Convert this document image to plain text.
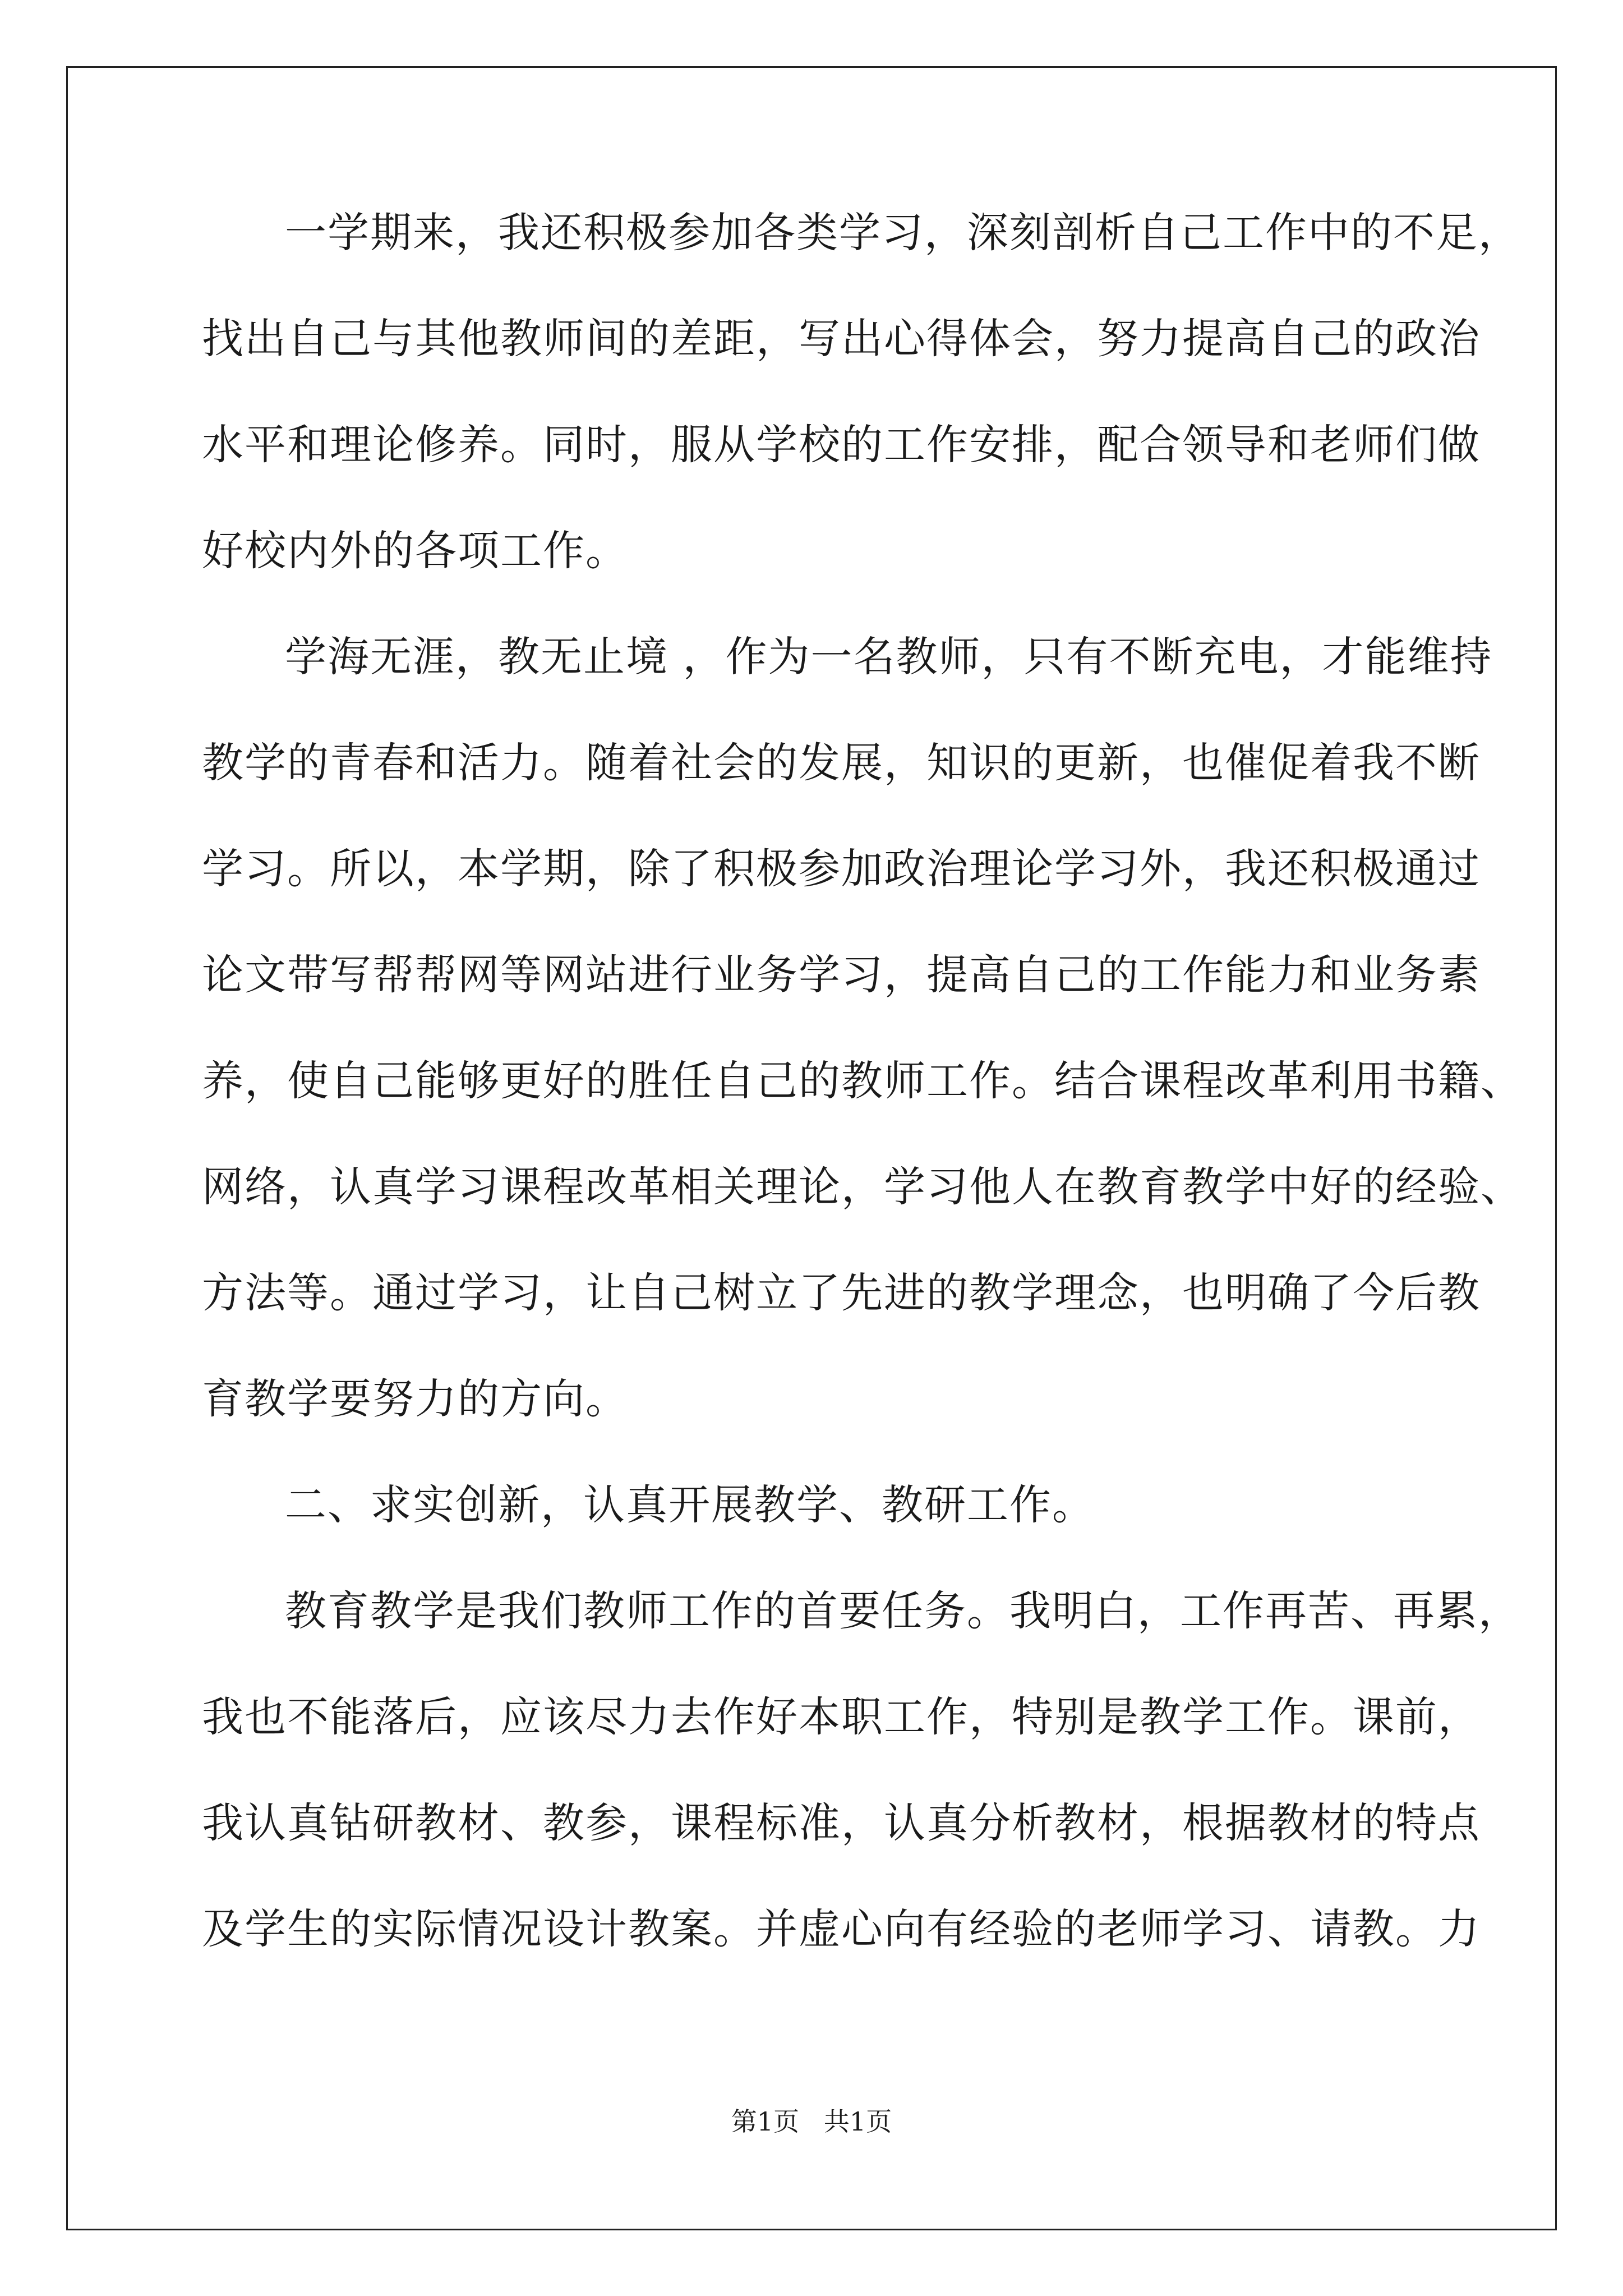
一学期来，我还积极参加各类学习，深刻剖析自己工作中的不足，
找出自己与其他教师间的差距，写出心得体会，努力提高自己的政治
水平和理论修养。同时，服从学校的工作安排，配合领导和老师们做
好校内外的各项工作。
学海无涯，教无止境 ，作为一名教师，只有不断充电，才能维持
教学的青春和活力。随着社会的发展，知识的更新，也催促着我不断
学习。所以，本学期，除了积极参加政治理论学习外，我还积极通过
论文带写帮帮网等网站进行业务学习，提高自己的工作能力和业务素
养，使自己能够更好的胜任自己的教师工作。结合课程改革利用书籍、
网络，认真学习课程改革相关理论，学习他人在教育教学中好的经验、
方法等。通过学习，让自己树立了先进的教学理念，也明确了今后教
育教学要努力的方向。
二、求实创新，认真开展教学、教研工作。
教育教学是我们教师工作的首要任务。我明白，工作再苦、再累，
我也不能落后，应该尽力去作好本职工作，特别是教学工作。课前，
我认真钻研教材、教参，课程标准，认真分析教材，根据教材的特点
及学生的实际情况设计教案。并虚心向有经验的老师学习、请教。力
第1页   共1页
